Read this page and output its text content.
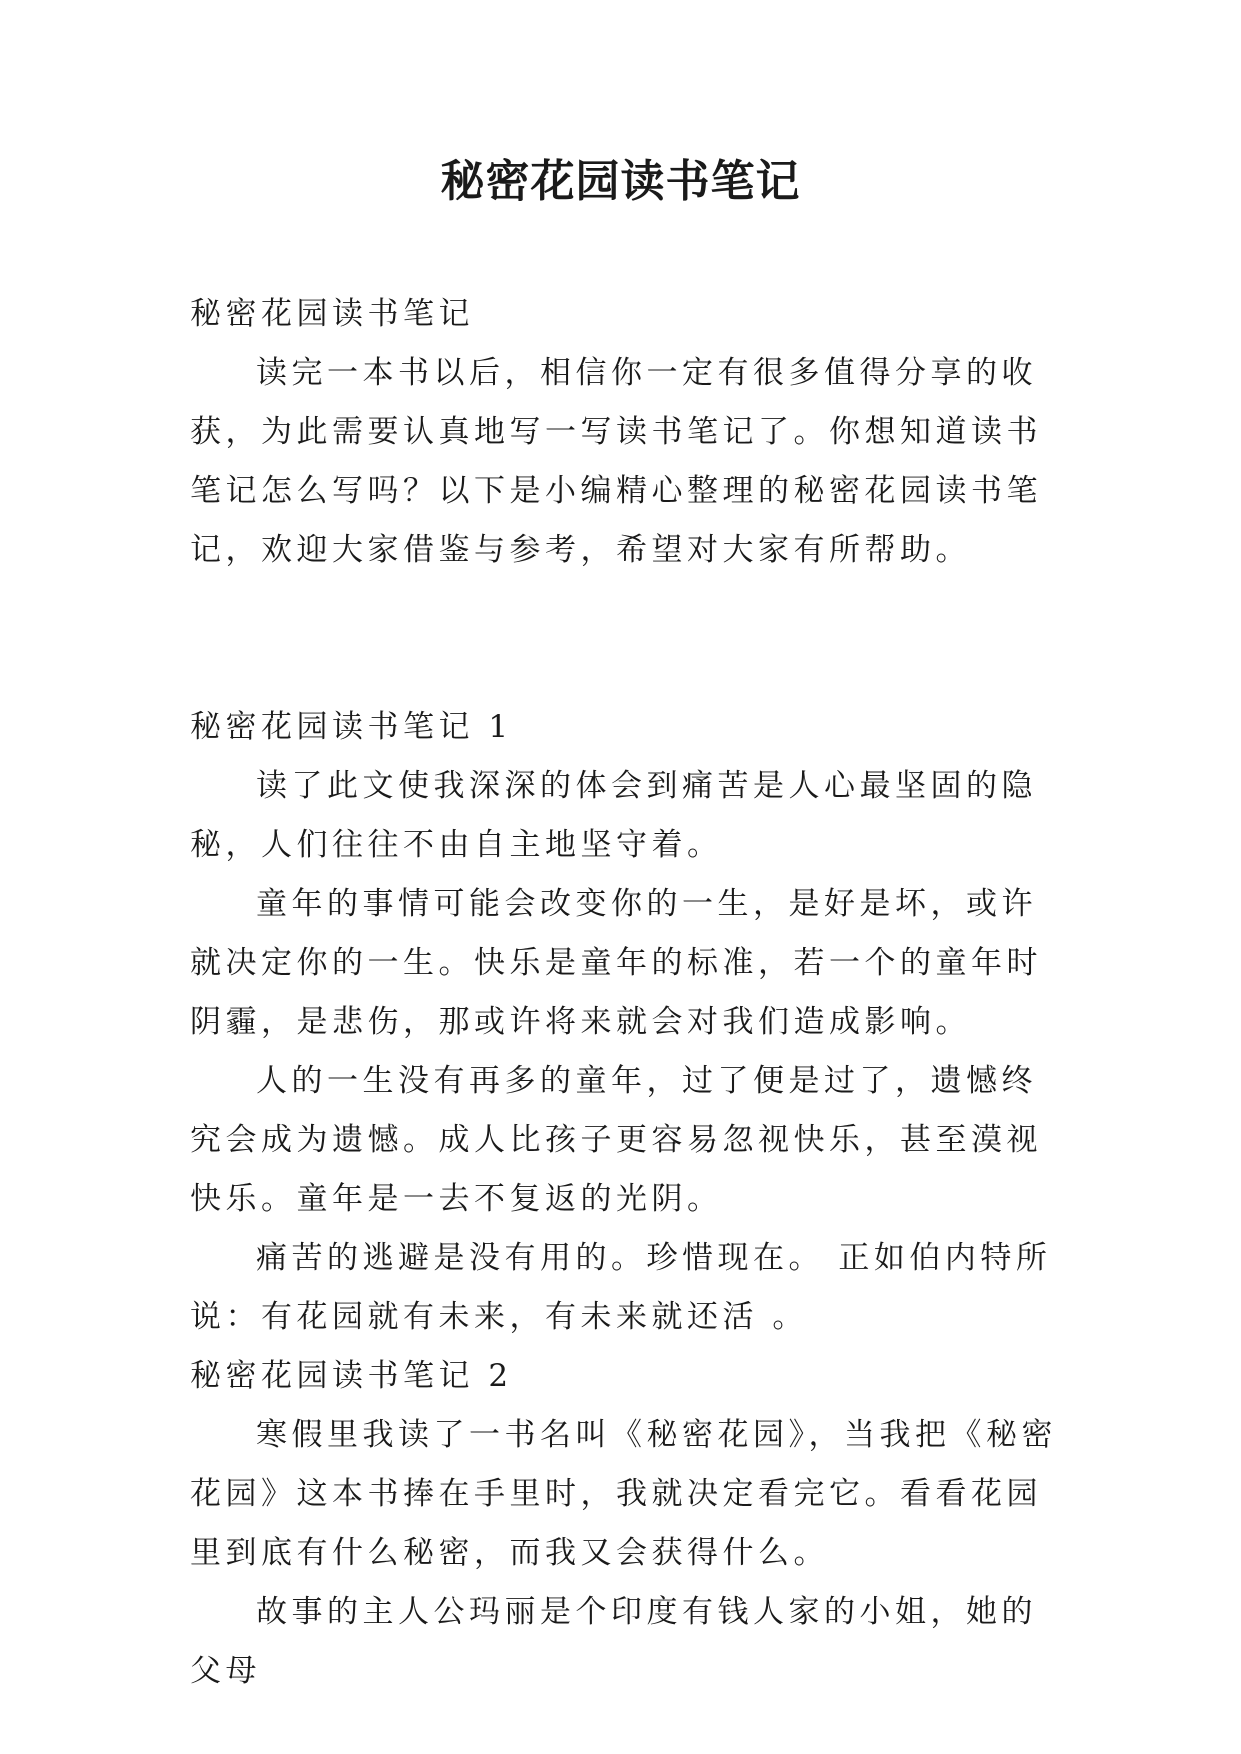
秘密花园读书笔记

秘密花园读书笔记

读完一本书以后，相信你一定有很多值得分享的收获，为此需要认真地写一写读书笔记了。你想知道读书笔记怎么写吗？以下是小编精心整理的秘密花园读书笔记，欢迎大家借鉴与参考，希望对大家有所帮助。

秘密花园读书笔记 1

读了此文使我深深的体会到痛苦是人心最坚固的隐秘，人们往往不由自主地坚守着。

童年的事情可能会改变你的一生，是好是坏，或许就决定你的一生。快乐是童年的标准，若一个的童年时阴霾，是悲伤，那或许将来就会对我们造成影响。

人的一生没有再多的童年，过了便是过了，遗憾终究会成为遗憾。成人比孩子更容易忽视快乐，甚至漠视快乐。童年是一去不复返的光阴。

痛苦的逃避是没有用的。珍惜现在。 正如伯内特所说：有花园就有未来，有未来就还活 。

秘密花园读书笔记 2

寒假里我读了一书名叫《秘密花园》，当我把《秘密花园》这本书捧在手里时，我就决定看完它。看看花园里到底有什么秘密，而我又会获得什么。

故事的主人公玛丽是个印度有钱人家的小姐，她的父母
